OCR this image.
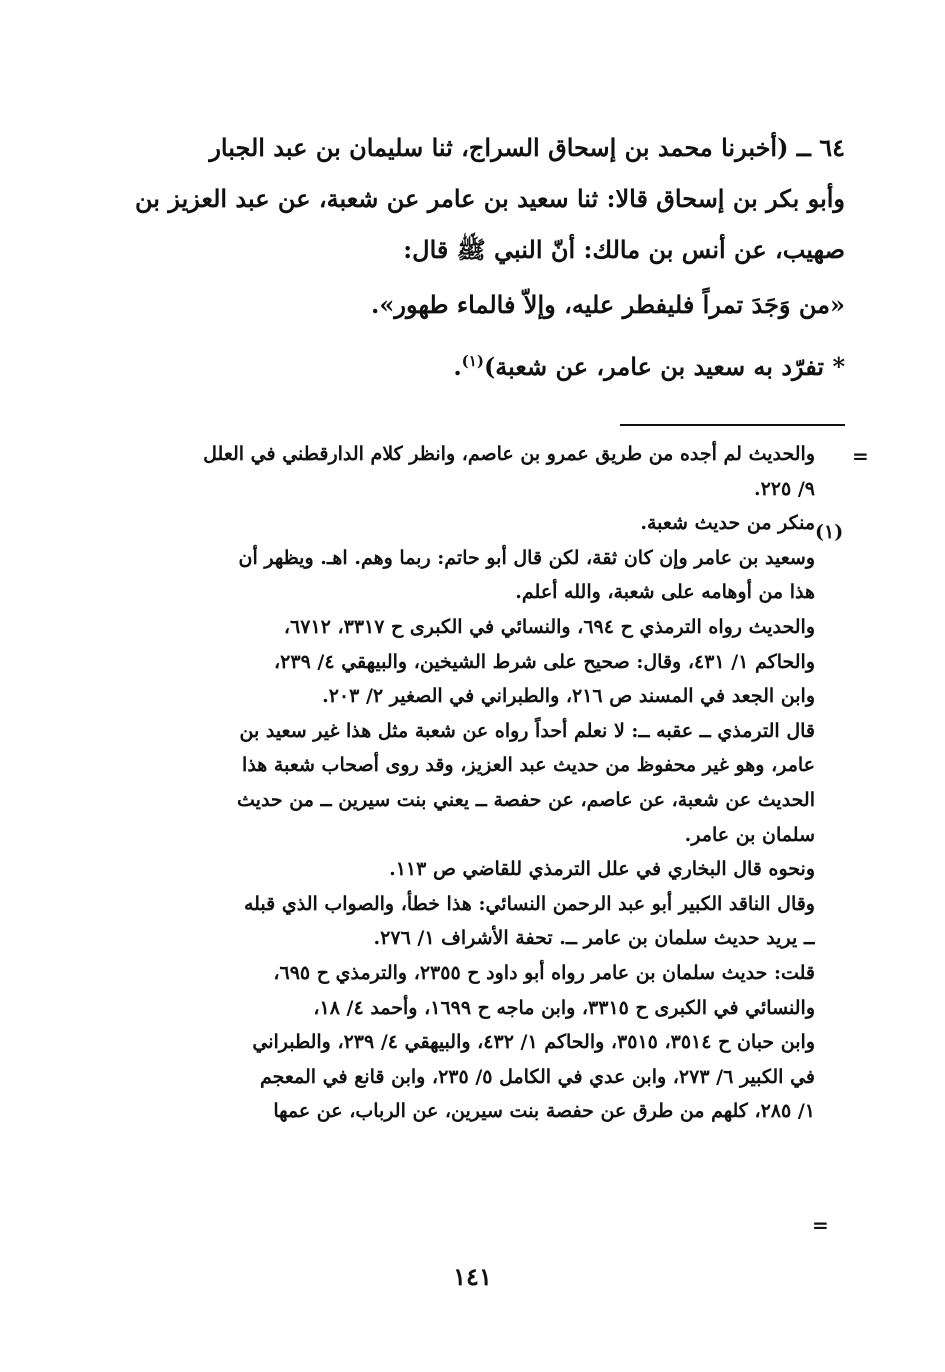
٦٤ ــ (أخبرنا محمد بن إسحاق السراج، ثنا سليمان بن عبد الجبار
وأبو بكر بن إسحاق قالا: ثنا سعيد بن عامر عن شعبة، عن عبد العزيز بن
صهيب، عن أنس بن مالك: أنّ النبي ﷺ قال:
«من وَجَدَ تمراً فليفطر عليه، وإلاّ فالماء طهور».
* تفرّد به سعيد بن عامر، عن شعبة)$^{(١)}$.
=
(١)
والحديث لم أجده من طريق عمرو بن عاصم، وانظر كلام الدارقطني في العلل
٩/ ٢٢٥.
منكر من حديث شعبة.
وسعيد بن عامر وإن كان ثقة، لكن قال أبو حاتم: ربما وهم. اهـ. ويظهر أن
هذا من أوهامه على شعبة، والله أعلم.
والحديث رواه الترمذي ح ٦٩٤، والنسائي في الكبرى ح ٣٣١٧، ٦٧١٢،
والحاكم ١/ ٤٣١، وقال: صحيح على شرط الشيخين، والبيهقي ٤/ ٢٣٩،
وابن الجعد في المسند ص ٢١٦، والطبراني في الصغير ٢/ ٢٠٣.
قال الترمذي ــ عقبه ــ: لا نعلم أحداً رواه عن شعبة مثل هذا غير سعيد بن
عامر، وهو غير محفوظ من حديث عبد العزيز، وقد روى أصحاب شعبة هذا
الحديث عن شعبة، عن عاصم، عن حفصة ــ يعني بنت سيرين ــ من حديث
سلمان بن عامر.
ونحوه قال البخاري في علل الترمذي للقاضي ص ١١٣.
وقال الناقد الكبير أبو عبد الرحمن النسائي: هذا خطأ، والصواب الذي قبله
ــ يريد حديث سلمان بن عامر ــ. تحفة الأشراف ١/ ٢٧٦.
قلت: حديث سلمان بن عامر رواه أبو داود ح ٢٣٥٥، والترمذي ح ٦٩٥،
والنسائي في الكبرى ح ٣٣١٥، وابن ماجه ح ١٦٩٩، وأحمد ٤/ ١٨،
وابن حبان ح ٣٥١٤، ٣٥١٥، والحاكم ١/ ٤٣٢، والبيهقي ٤/ ٢٣٩، والطبراني
في الكبير ٦/ ٢٧٣، وابن عدي في الكامل ٥/ ٢٣٥، وابن قانع في المعجم
١/ ٢٨٥، كلهم من طرق عن حفصة بنت سيرين، عن الرباب، عن عمها
=
١٤١
